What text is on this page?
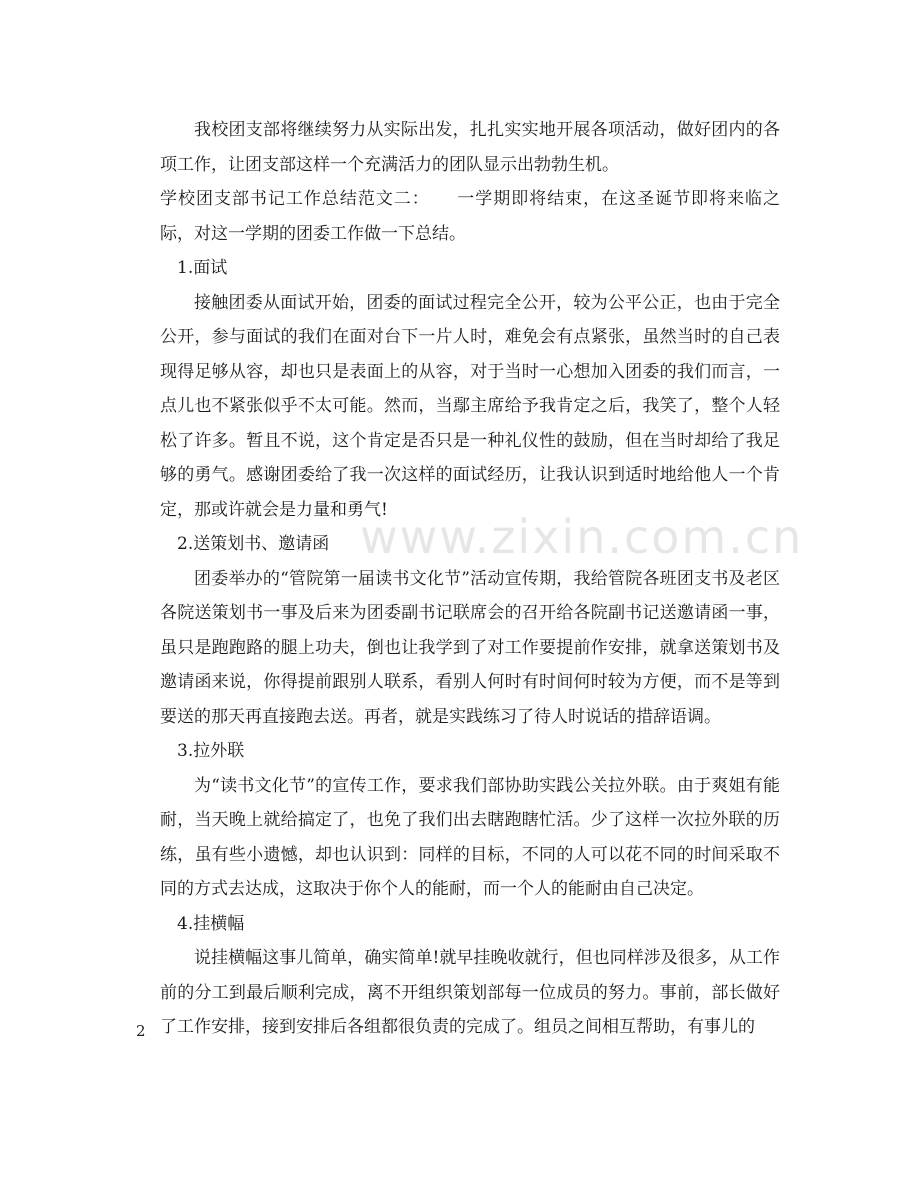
我校团支部将继续努力从实际出发，扎扎实实地开展各项活动，做好团内的各项工作，让团支部这样一个充满活力的团队显示出勃勃生机。

学校团支部书记工作总结范文二：　　一学期即将结束，在这圣诞节即将来临之际，对这一学期的团委工作做一下总结。

1.面试

接触团委从面试开始，团委的面试过程完全公开，较为公平公正，也由于完全公开，参与面试的我们在面对台下一片人时，难免会有点紧张，虽然当时的自己表现得足够从容，却也只是表面上的从容，对于当时一心想加入团委的我们而言，一点儿也不紧张似乎不太可能。然而，当鄢主席给予我肯定之后，我笑了，整个人轻松了许多。暂且不说，这个肯定是否只是一种礼仪性的鼓励，但在当时却给了我足够的勇气。感谢团委给了我一次这样的面试经历，让我认识到适时地给他人一个肯定，那或许就会是力量和勇气!

2.送策划书、邀请函

团委举办的“管院第一届读书文化节”活动宣传期，我给管院各班团支书及老区各院送策划书一事及后来为团委副书记联席会的召开给各院副书记送邀请函一事，虽只是跑跑路的腿上功夫，倒也让我学到了对工作要提前作安排，就拿送策划书及邀请函来说，你得提前跟别人联系，看别人何时有时间何时较为方便，而不是等到要送的那天再直接跑去送。再者，就是实践练习了待人时说话的措辞语调。

3.拉外联

为“读书文化节”的宣传工作，要求我们部协助实践公关拉外联。由于爽姐有能耐，当天晚上就给搞定了，也免了我们出去瞎跑瞎忙活。少了这样一次拉外联的历练，虽有些小遗憾，却也认识到：同样的目标，不同的人可以花不同的时间采取不同的方式去达成，这取决于你个人的能耐，而一个人的能耐由自己决定。

4.挂横幅

说挂横幅这事儿简单，确实简单!就早挂晚收就行，但也同样涉及很多，从工作前的分工到最后顺利完成，离不开组织策划部每一位成员的努力。事前，部长做好了工作安排，接到安排后各组都很负责的完成了。组员之间相互帮助，有事儿的

www.zixin.com.cn
2
